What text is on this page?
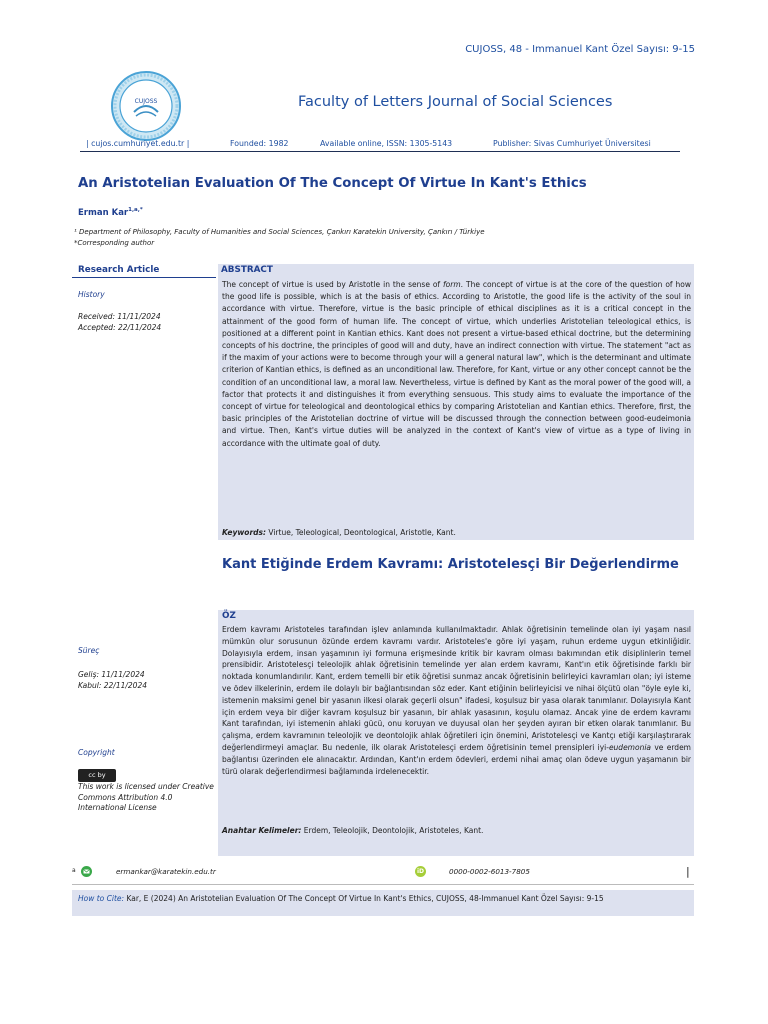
CUJOSS, 48 - Immanuel Kant Özel Sayısı: 9-15
CUJOSS	Faculty of Letters Journal of Social Sciences
| cujos.cumhuriyet.edu.tr |	Founded: 1982	Available online, ISSN: 1305-5143	Publisher: Sivas Cumhuriyet Üniversitesi
An Aristotelian Evaluation Of The Concept Of Virtue In Kant's Ethics
Erman Kar$^{1,a,*}$
¹ Department of Philosophy, Faculty of Humanities and Social Sciences, Çankırı Karatekin University, Çankırı / Türkiye
*Corresponding author
Research Article
History
Received: 11/11/2024
Accepted: 22/11/2024
Süreç
Geliş: 11/11/2024
Kabul: 22/11/2024
Copyright
cc by
This work is licensed under Creative Commons Attribution 4.0 International License
ABSTRACT
The concept of virtue is used by Aristotle in the sense of form. The concept of virtue is at the core of the question of how the good life is possible, which is at the basis of ethics. According to Aristotle, the good life is the activity of the soul in accordance with virtue. Therefore, virtue is the basic principle of ethical disciplines as it is a critical concept in the attainment of the good form of human life. The concept of virtue, which underlies Aristotelian teleological ethics, is positioned at a different point in Kantian ethics. Kant does not present a virtue-based ethical doctrine, but the determining concepts of his doctrine, the principles of good will and duty, have an indirect connection with virtue. The statement "act as if the maxim of your actions were to become through your will a general natural law", which is the determinant and ultimate criterion of Kantian ethics, is defined as an unconditional law. Therefore, for Kant, virtue or any other concept cannot be the condition of an unconditional law, a moral law. Nevertheless, virtue is defined by Kant as the moral power of the good will, a factor that protects it and distinguishes it from everything sensuous. This study aims to evaluate the importance of the concept of virtue for teleological and deontological ethics by comparing Aristotelian and Kantian ethics. Therefore, first, the basic principles of the Aristotelian doctrine of virtue will be discussed through the connection between good-eudeimonia and virtue. Then, Kant's virtue duties will be analyzed in the context of Kant's view of virtue as a type of living in accordance with the ultimate goal of duty.
Keywords: Virtue, Teleological, Deontological, Aristotle, Kant.
Kant Etiğinde Erdem Kavramı: Aristotelesçi Bir Değerlendirme
ÖZ
Erdem kavramı Aristoteles tarafından işlev anlamında kullanılmaktadır. Ahlak öğretisinin temelinde olan iyi yaşam nasıl mümkün olur sorusunun özünde erdem kavramı vardır. Aristoteles'e göre iyi yaşam, ruhun erdeme uygun etkinliğidir. Dolayısıyla erdem, insan yaşamının iyi formuna erişmesinde kritik bir kavram olması bakımından etik disiplinlerin temel prensibidir. Aristotelesçi teleolojik ahlak öğretisinin temelinde yer alan erdem kavramı, Kant'ın etik öğretisinde farklı bir noktada konumlandırılır. Kant, erdem temelli bir etik öğretisi sunmaz ancak öğretisinin belirleyici kavramları olan; iyi isteme ve ödev ilkelerinin, erdem ile dolaylı bir bağlantısından söz eder. Kant etiğinin belirleyicisi ve nihai ölçütü olan "öyle eyle ki, istemenin maksimi genel bir yasanın ilkesi olarak geçerli olsun" ifadesi, koşulsuz bir yasa olarak tanımlanır. Dolayısıyla Kant için erdem veya bir diğer kavram koşulsuz bir yasanın, bir ahlak yasasının, koşulu olamaz. Ancak yine de erdem kavramı Kant tarafından, iyi istemenin ahlaki gücü, onu koruyan ve duyusal olan her şeyden ayıran bir etken olarak tanımlanır. Bu çalışma, erdem kavramının teleolojik ve deontolojik ahlak öğretileri için önemini, Aristotelesçi ve Kantçı etiği karşılaştırarak değerlendirmeyi amaçlar. Bu nedenle, ilk olarak Aristotelesçi erdem öğretisinin temel prensipleri iyi-eudemonia ve erdem bağlantısı üzerinden ele alınacaktır. Ardından, Kant'ın erdem ödevleri, erdemi nihai amaç olan ödeve uygun yaşamanın bir türü olarak değerlendirmesi bağlamında irdelenecektir.
Anahtar Kelimeler: Erdem, Teleolojik, Deontolojik, Aristoteles, Kant.
a	ermankar@karatekin.edu.tr	iD	0000-0002-6013-7805	|
How to Cite: Kar, E (2024) An Aristotelian Evaluation Of The Concept Of Virtue In Kant's Ethics, CUJOSS, 48-Immanuel Kant Özel Sayısı: 9-15
